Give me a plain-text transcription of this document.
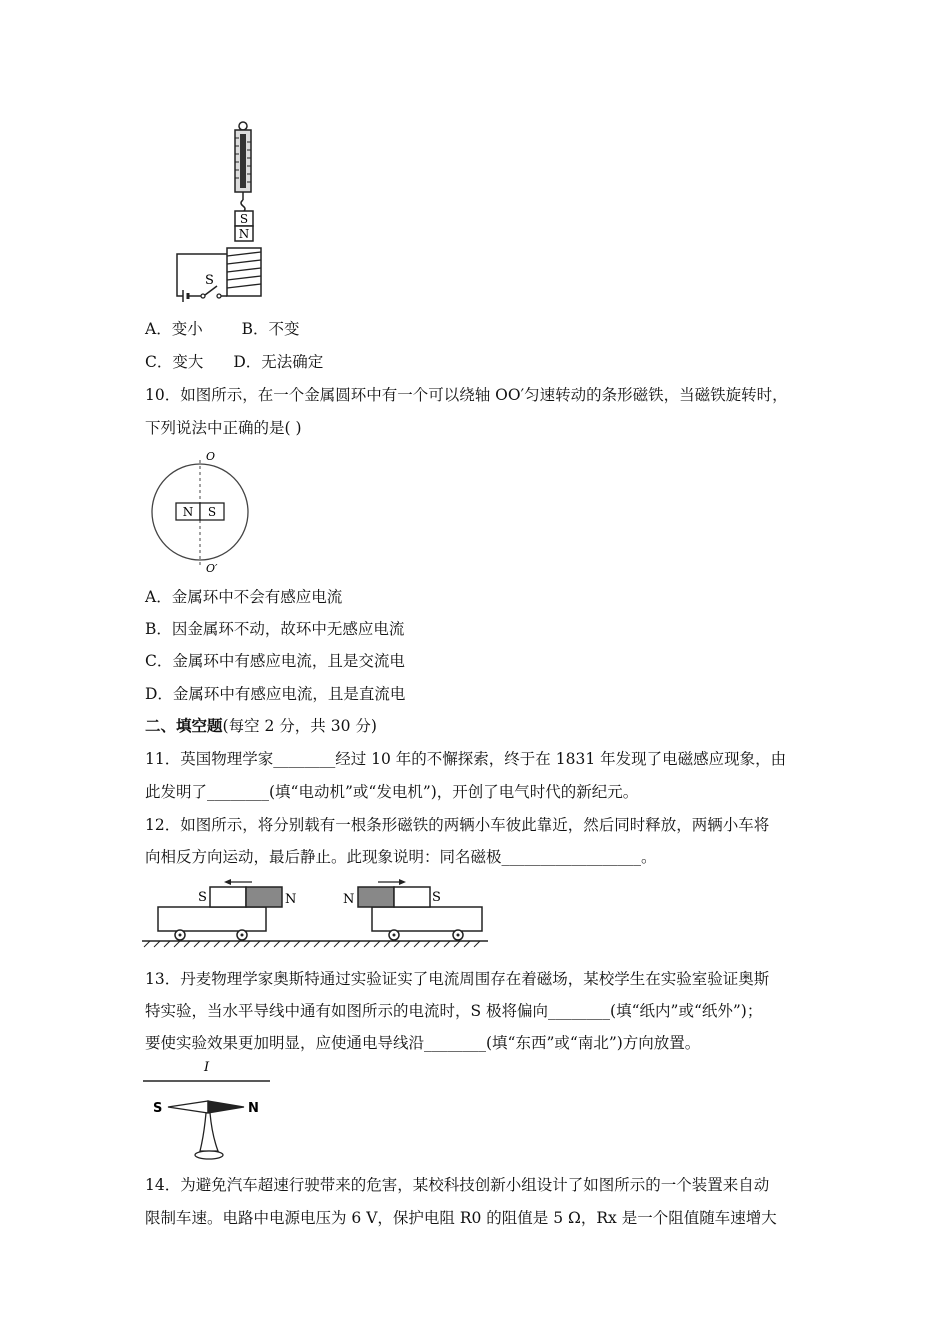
S
N
S
A．变小	B．不变
C．变大 D．无法确定
10．如图所示，在一个金属圆环中有一个可以绕轴 OO′匀速转动的条形磁铁，当磁铁旋转时，
下列说法中正确的是( )
N S
O
O′
A．金属环中不会有感应电流
B．因金属环不动，故环中无感应电流
C．金属环中有感应电流，且是交流电
D．金属环中有感应电流，且是直流电
二、填空题(每空 2 分，共 30 分)
11．英国物理学家________经过 10 年的不懈探索，终于在 1831 年发现了电磁感应现象，由
此发明了________(填“电动机”或“发电机”)，开创了电气时代的新纪元。
12．如图所示，将分别载有一根条形磁铁的两辆小车彼此靠近，然后同时释放，两辆小车将
向相反方向运动，最后静止。此现象说明：同名磁极__________________。
S	N	N	S
13．丹麦物理学家奥斯特通过实验证实了电流周围存在着磁场，某校学生在实验室验证奥斯
特实验，当水平导线中通有如图所示的电流时，S 极将偏向________(填“纸内”或“纸外”)；
要使实验效果更加明显，应使通电导线沿________(填“东西”或“南北”)方向放置。
I
S	N
14．为避免汽车超速行驶带来的危害，某校科技创新小组设计了如图所示的一个装置来自动
限制车速。电路中电源电压为 6 V，保护电阻 R0 的阻值是 5 Ω，Rx 是一个阻值随车速增大
